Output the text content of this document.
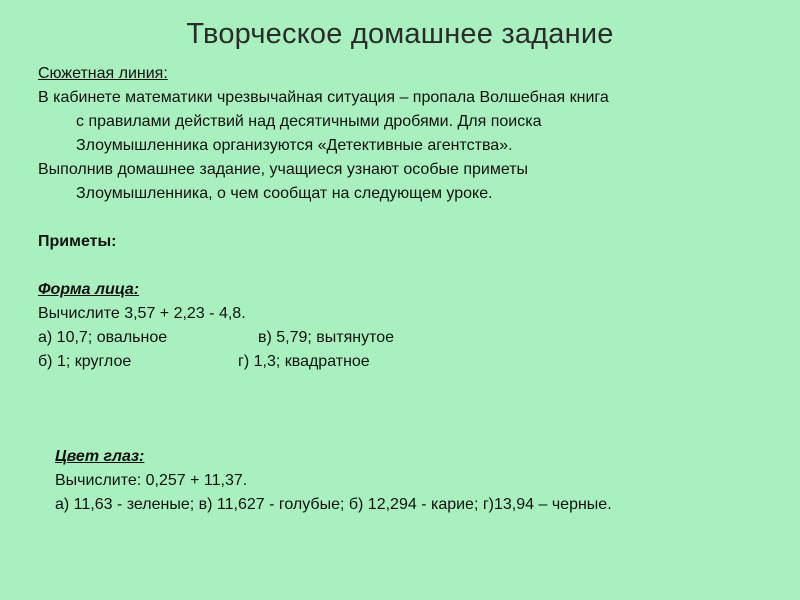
Творческое домашнее задание
Сюжетная линия:
В кабинете математики чрезвычайная ситуация – пропала Волшебная книга
с правилами действий над десятичными дробями. Для поиска
Злоумышленника организуются «Детективные агентства».
Выполнив домашнее задание, учащиеся узнают особые приметы
Злоумышленника, о чем сообщат на следующем уроке.
Приметы:
Форма лица:
Вычислите 3,57 + 2,23 - 4,8.
а) 10,7; овальное	в) 5,79; вытянутое
б) 1; круглое	г) 1,3; квадратное
Цвет глаз:
Вычислите: 0,257 + 11,37.
а) 11,63 - зеленые; в) 11,627 - голубые; б) 12,294 - карие; г)13,94 – черные.
